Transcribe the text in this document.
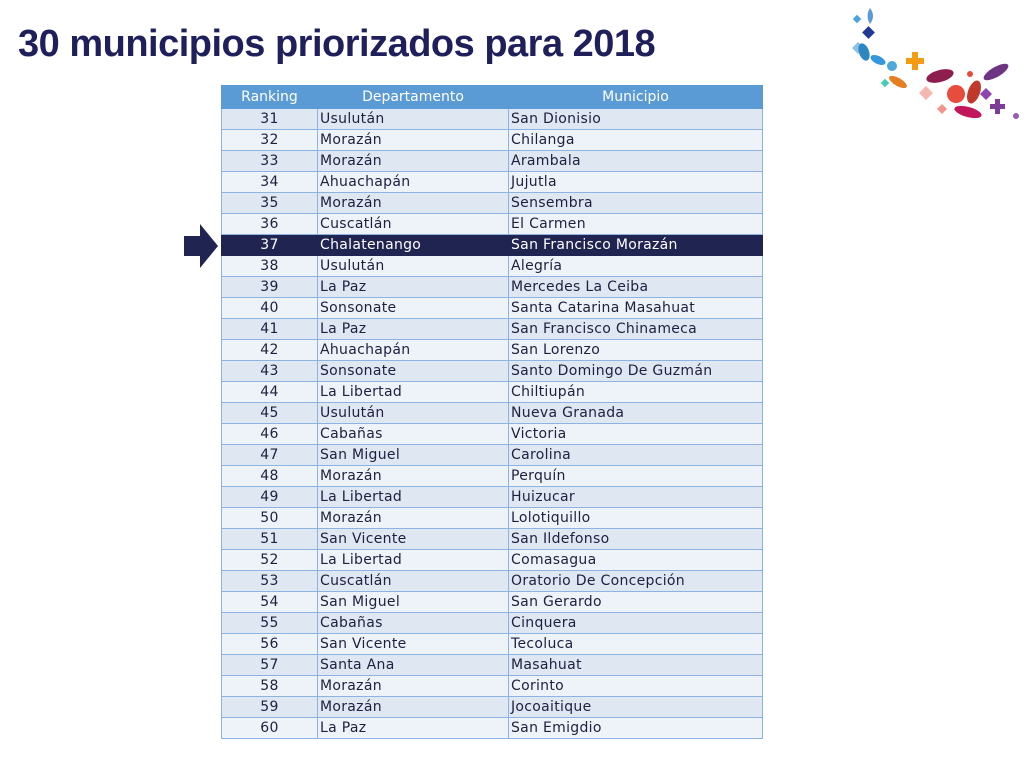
30 municipios priorizados para 2018
Ranking	Departamento	Municipio
31	Usulután	San Dionisio
32	Morazán	Chilanga
33	Morazán	Arambala
34	Ahuachapán	Jujutla
35	Morazán	Sensembra
36	Cuscatlán	El Carmen
37	Chalatenango	San Francisco Morazán
38	Usulután	Alegría
39	La Paz	Mercedes La Ceiba
40	Sonsonate	Santa Catarina Masahuat
41	La Paz	San Francisco Chinameca
42	Ahuachapán	San Lorenzo
43	Sonsonate	Santo Domingo De Guzmán
44	La Libertad	Chiltiupán
45	Usulután	Nueva Granada
46	Cabañas	Victoria
47	San Miguel	Carolina
48	Morazán	Perquín
49	La Libertad	Huizucar
50	Morazán	Lolotiquillo
51	San Vicente	San Ildefonso
52	La Libertad	Comasagua
53	Cuscatlán	Oratorio De Concepción
54	San Miguel	San Gerardo
55	Cabañas	Cinquera
56	San Vicente	Tecoluca
57	Santa Ana	Masahuat
58	Morazán	Corinto
59	Morazán	Jocoaitique
60	La Paz	San Emigdio
